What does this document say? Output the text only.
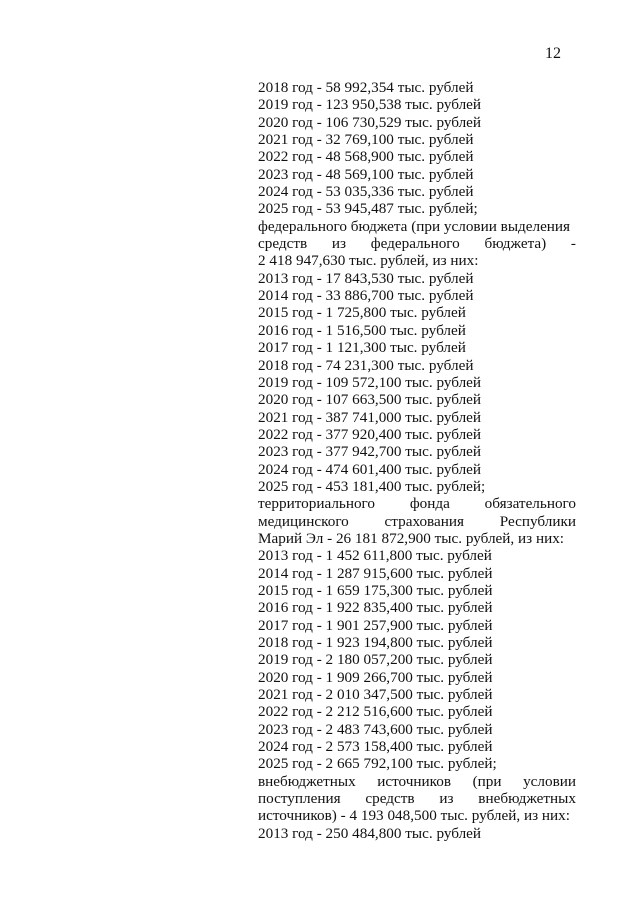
12
2018 год - 58 992,354 тыс. рублей
2019 год - 123 950,538 тыс. рублей
2020 год - 106 730,529 тыс. рублей
2021 год - 32 769,100 тыс. рублей
2022 год - 48 568,900 тыс. рублей
2023 год - 48 569,100 тыс. рублей
2024 год - 53 035,336 тыс. рублей
2025 год - 53 945,487 тыс. рублей;
федерального бюджета (при условии выделения
средств из федерального бюджета) -
2 418 947,630 тыс. рублей, из них:
2013 год - 17 843,530 тыс. рублей
2014 год - 33 886,700 тыс. рублей
2015 год - 1 725,800 тыс. рублей
2016 год - 1 516,500 тыс. рублей
2017 год - 1 121,300 тыс. рублей
2018 год - 74 231,300 тыс. рублей
2019 год - 109 572,100 тыс. рублей
2020 год - 107 663,500 тыс. рублей
2021 год - 387 741,000 тыс. рублей
2022 год - 377 920,400 тыс. рублей
2023 год - 377 942,700 тыс. рублей
2024 год - 474 601,400 тыс. рублей
2025 год - 453 181,400 тыс. рублей;
территориального фонда обязательного
медицинского страхования Республики
Марий Эл - 26 181 872,900 тыс. рублей, из них:
2013 год - 1 452 611,800 тыс. рублей
2014 год - 1 287 915,600 тыс. рублей
2015 год - 1 659 175,300 тыс. рублей
2016 год - 1 922 835,400 тыс. рублей
2017 год - 1 901 257,900 тыс. рублей
2018 год - 1 923 194,800 тыс. рублей
2019 год - 2 180 057,200 тыс. рублей
2020 год - 1 909 266,700 тыс. рублей
2021 год - 2 010 347,500 тыс. рублей
2022 год - 2 212 516,600 тыс. рублей
2023 год - 2 483 743,600 тыс. рублей
2024 год - 2 573 158,400 тыс. рублей
2025 год - 2 665 792,100 тыс. рублей;
внебюджетных источников (при условии
поступления средств из внебюджетных
источников) - 4 193 048,500 тыс. рублей, из них:
2013 год - 250 484,800 тыс. рублей
